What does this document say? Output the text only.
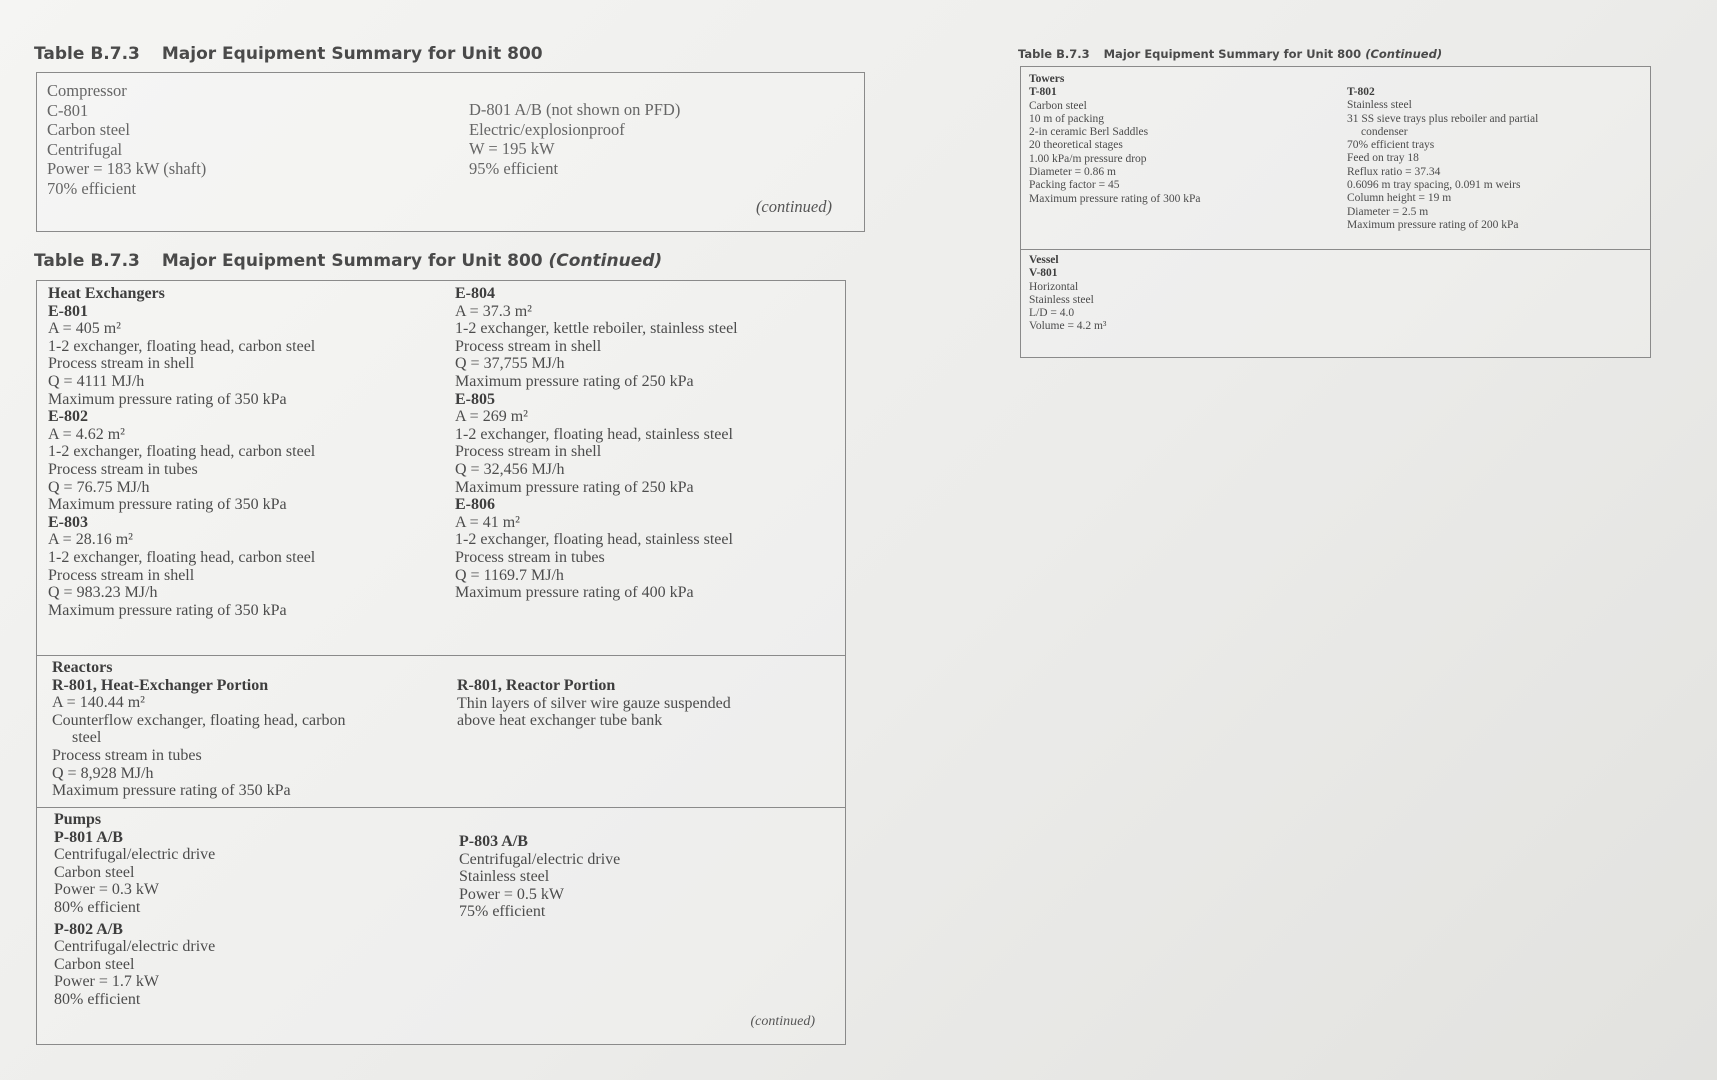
Table B.7.3 Major Equipment Summary for Unit 800
Compressor
C-801
Carbon steel
Centrifugal
Power = 183 kW (shaft)
70% efficient
D-801 A/B (not shown on PFD)
Electric/explosionproof
W = 195 kW
95% efficient
(continued)
Table B.7.3 Major Equipment Summary for Unit 800 (Continued)
Heat Exchangers
E-801
A = 405 m²
1-2 exchanger, floating head, carbon steel
Process stream in shell
Q = 4111 MJ/h
Maximum pressure rating of 350 kPa
E-802
A = 4.62 m²
1-2 exchanger, floating head, carbon steel
Process stream in tubes
Q = 76.75 MJ/h
Maximum pressure rating of 350 kPa
E-803
A = 28.16 m²
1-2 exchanger, floating head, carbon steel
Process stream in shell
Q = 983.23 MJ/h
Maximum pressure rating of 350 kPa
E-804
A = 37.3 m²
1-2 exchanger, kettle reboiler, stainless steel
Process stream in shell
Q = 37,755 MJ/h
Maximum pressure rating of 250 kPa
E-805
A = 269 m²
1-2 exchanger, floating head, stainless steel
Process stream in shell
Q = 32,456 MJ/h
Maximum pressure rating of 250 kPa
E-806
A = 41 m²
1-2 exchanger, floating head, stainless steel
Process stream in tubes
Q = 1169.7 MJ/h
Maximum pressure rating of 400 kPa
Reactors
R-801, Heat-Exchanger Portion
A = 140.44 m²
Counterflow exchanger, floating head, carbon
steel
Process stream in tubes
Q = 8,928 MJ/h
Maximum pressure rating of 350 kPa
R-801, Reactor Portion
Thin layers of silver wire gauze suspended
above heat exchanger tube bank
Pumps
P-801 A/B
Centrifugal/electric drive
Carbon steel
Power = 0.3 kW
80% efficient
P-802 A/B
Centrifugal/electric drive
Carbon steel
Power = 1.7 kW
80% efficient
P-803 A/B
Centrifugal/electric drive
Stainless steel
Power = 0.5 kW
75% efficient
(continued)
Table B.7.3 Major Equipment Summary for Unit 800 (Continued)
Towers
T-801
Carbon steel
10 m of packing
2-in ceramic Berl Saddles
20 theoretical stages
1.00 kPa/m pressure drop
Diameter = 0.86 m
Packing factor = 45
Maximum pressure rating of 300 kPa
T-802
Stainless steel
31 SS sieve trays plus reboiler and partial
condenser
70% efficient trays
Feed on tray 18
Reflux ratio = 37.34
0.6096 m tray spacing, 0.091 m weirs
Column height = 19 m
Diameter = 2.5 m
Maximum pressure rating of 200 kPa
Vessel
V-801
Horizontal
Stainless steel
L/D = 4.0
Volume = 4.2 m³
